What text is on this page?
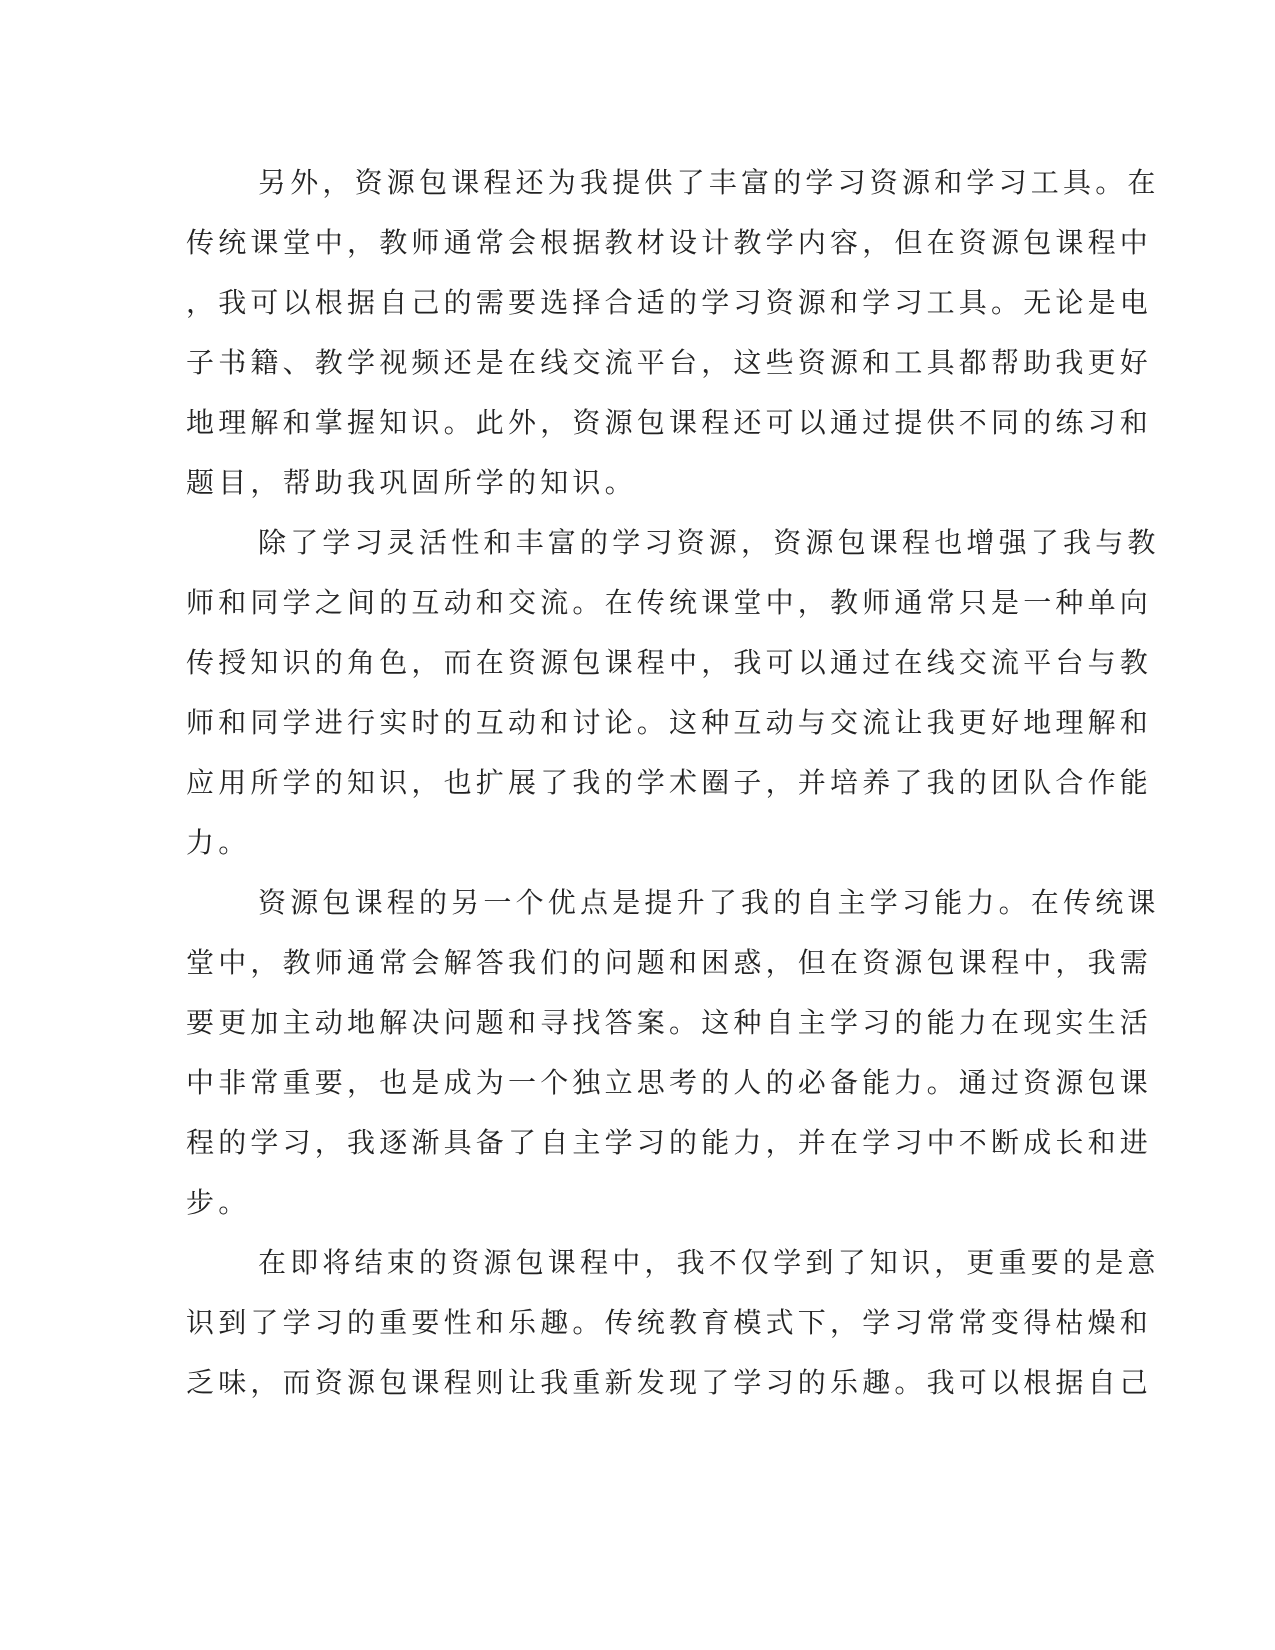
另外，资源包课程还为我提供了丰富的学习资源和学习工具。在
传统课堂中，教师通常会根据教材设计教学内容，但在资源包课程中
，我可以根据自己的需要选择合适的学习资源和学习工具。无论是电
子书籍、教学视频还是在线交流平台，这些资源和工具都帮助我更好
地理解和掌握知识。此外，资源包课程还可以通过提供不同的练习和
题目，帮助我巩固所学的知识。
除了学习灵活性和丰富的学习资源，资源包课程也增强了我与教
师和同学之间的互动和交流。在传统课堂中，教师通常只是一种单向
传授知识的角色，而在资源包课程中，我可以通过在线交流平台与教
师和同学进行实时的互动和讨论。这种互动与交流让我更好地理解和
应用所学的知识，也扩展了我的学术圈子，并培养了我的团队合作能
力。
资源包课程的另一个优点是提升了我的自主学习能力。在传统课
堂中，教师通常会解答我们的问题和困惑，但在资源包课程中，我需
要更加主动地解决问题和寻找答案。这种自主学习的能力在现实生活
中非常重要，也是成为一个独立思考的人的必备能力。通过资源包课
程的学习，我逐渐具备了自主学习的能力，并在学习中不断成长和进
步。
在即将结束的资源包课程中，我不仅学到了知识，更重要的是意
识到了学习的重要性和乐趣。传统教育模式下，学习常常变得枯燥和
乏味，而资源包课程则让我重新发现了学习的乐趣。我可以根据自己
